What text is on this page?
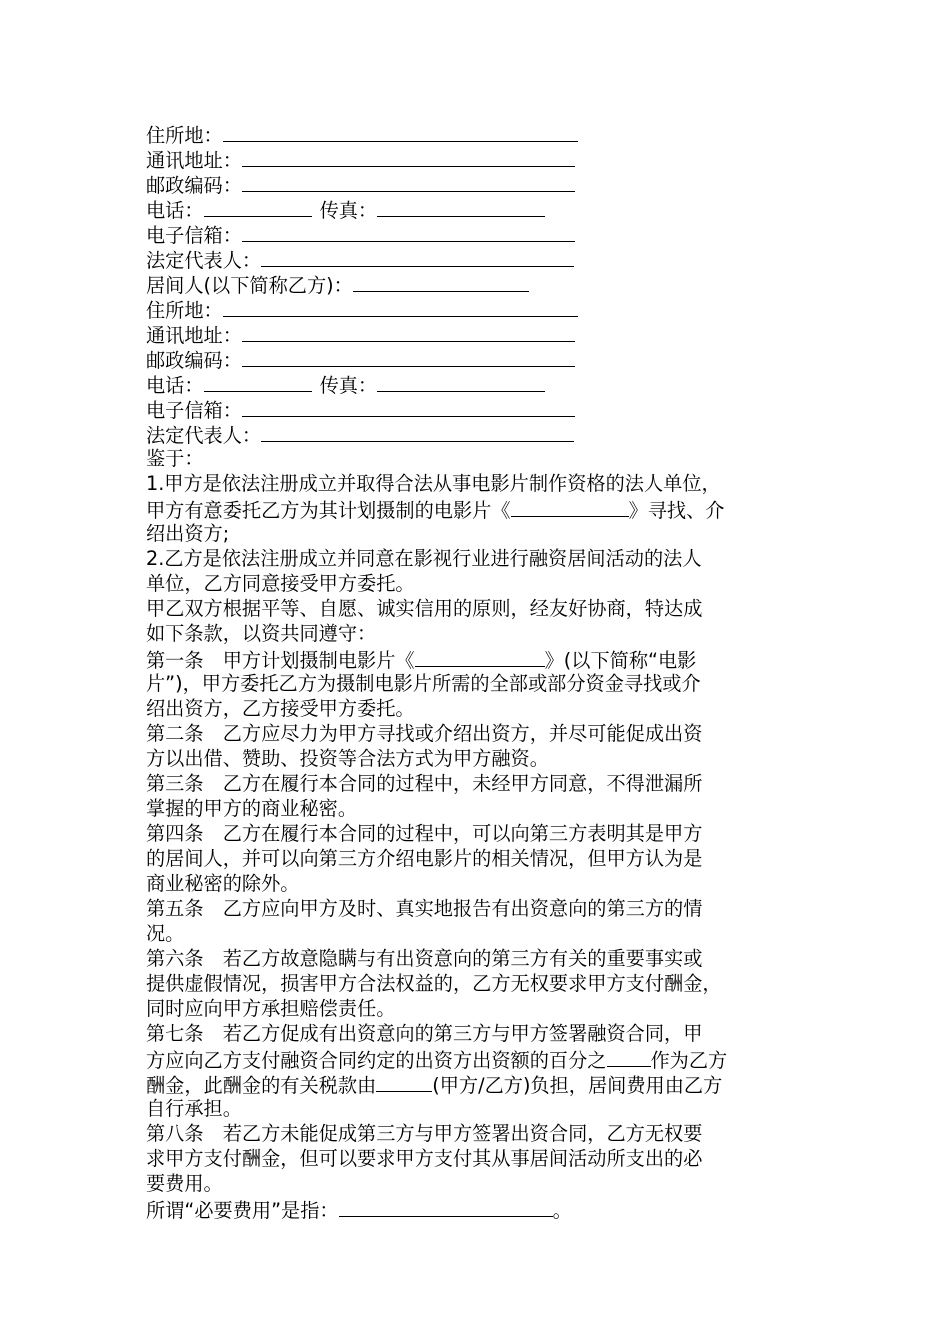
住所地：
通讯地址：
邮政编码：
电话：	传真：
电子信箱：
法定代表人：
居间人(以下简称乙方)：
住所地：
通讯地址：
邮政编码：
电话：	传真：
电子信箱：
法定代表人：
鉴于：
1.甲方是依法注册成立并取得合法从事电影片制作资格的法人单位，
甲方有意委托乙方为其计划摄制的电影片《	》寻找、介
绍出资方;
2.乙方是依法注册成立并同意在影视行业进行融资居间活动的法人
单位，乙方同意接受甲方委托。
甲乙双方根据平等、自愿、诚实信用的原则，经友好协商，特达成
如下条款，以资共同遵守：
第一条　甲方计划摄制电影片《	》(以下简称“电影
片”)，甲方委托乙方为摄制电影片所需的全部或部分资金寻找或介
绍出资方，乙方接受甲方委托。
第二条　乙方应尽力为甲方寻找或介绍出资方，并尽可能促成出资
方以出借、赞助、投资等合法方式为甲方融资。
第三条　乙方在履行本合同的过程中，未经甲方同意，不得泄漏所
掌握的甲方的商业秘密。
第四条　乙方在履行本合同的过程中，可以向第三方表明其是甲方
的居间人，并可以向第三方介绍电影片的相关情况，但甲方认为是
商业秘密的除外。
第五条　乙方应向甲方及时、真实地报告有出资意向的第三方的情
况。
第六条　若乙方故意隐瞒与有出资意向的第三方有关的重要事实或
提供虚假情况，损害甲方合法权益的，乙方无权要求甲方支付酬金，
同时应向甲方承担赔偿责任。
第七条　若乙方促成有出资意向的第三方与甲方签署融资合同，甲
方应向乙方支付融资合同约定的出资方出资额的百分之 作为乙方
酬金，此酬金的有关税款由	(甲方/乙方)负担，居间费用由乙方
自行承担。
第八条　若乙方未能促成第三方与甲方签署出资合同，乙方无权要
求甲方支付酬金，但可以要求甲方支付其从事居间活动所支出的必
要费用。
所谓“必要费用”是指：	。
